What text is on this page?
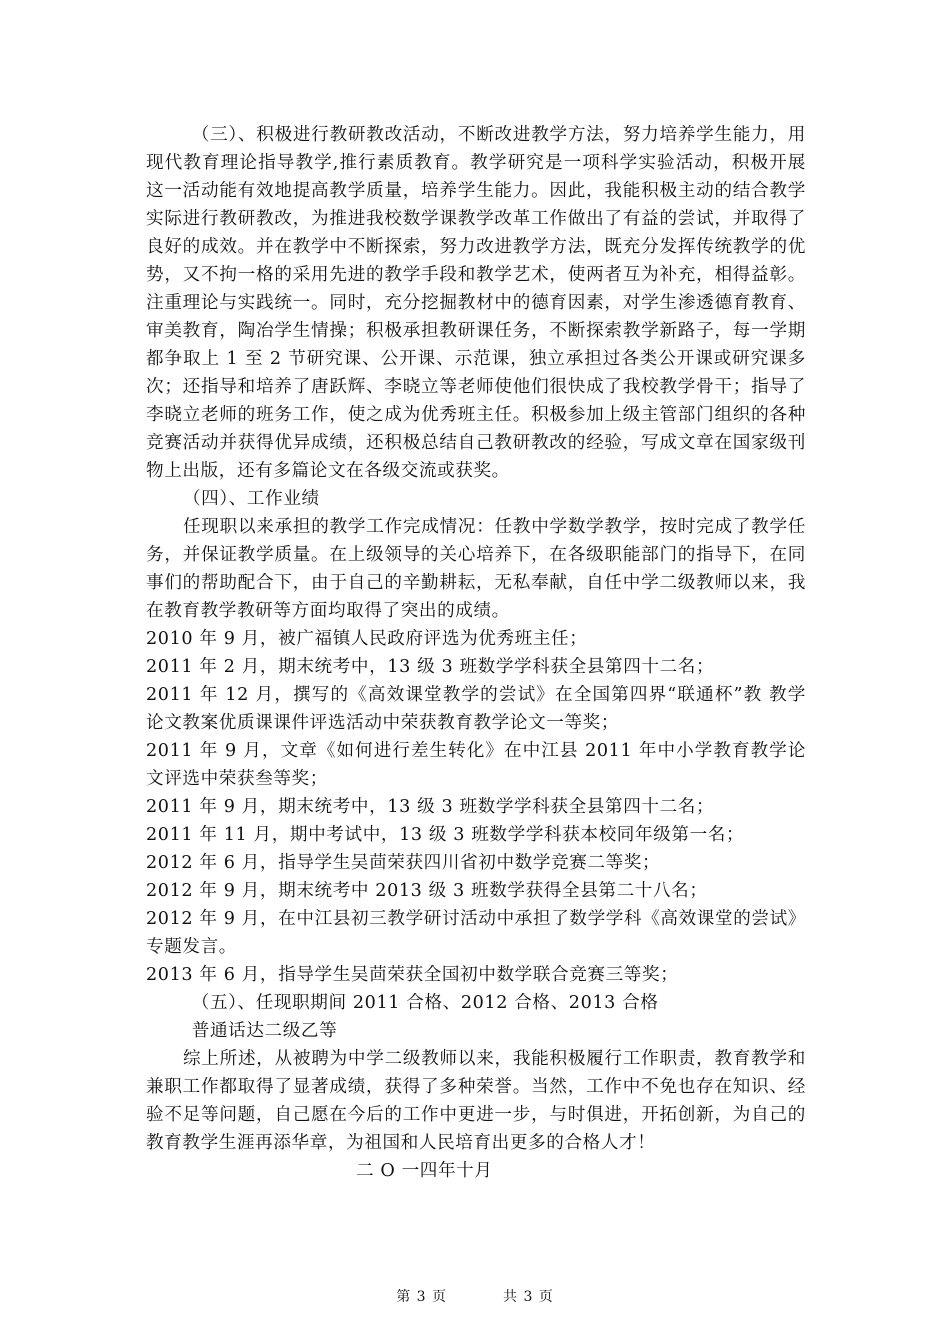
（三）、积极进行教研教改活动，不断改进教学方法，努力培养学生能力，用现代教育理论指导教学,推行素质教育。教学研究是一项科学实验活动，积极开展这一活动能有效地提高教学质量，培养学生能力。因此，我能积极主动的结合教学实际进行教研教改，为推进我校数学课教学改革工作做出了有益的尝试，并取得了良好的成效。并在教学中不断探索，努力改进教学方法，既充分发挥传统教学的优势，又不拘一格的采用先进的教学手段和教学艺术，使两者互为补充，相得益彰。注重理论与实践统一。同时，充分挖掘教材中的德育因素，对学生渗透德育教育、审美教育，陶冶学生情操；积极承担教研课任务，不断探索教学新路子，每一学期都争取上 1 至 2 节研究课、公开课、示范课，独立承担过各类公开课或研究课多次；还指导和培养了唐跃辉、李晓立等老师使他们很快成了我校教学骨干；指导了李晓立老师的班务工作，使之成为优秀班主任。积极参加上级主管部门组织的各种竞赛活动并获得优异成绩，还积极总结自己教研教改的经验，写成文章在国家级刊物上出版，还有多篇论文在各级交流或获奖。

（四）、工作业绩

任现职以来承担的教学工作完成情况：任教中学数学教学，按时完成了教学任务，并保证教学质量。在上级领导的关心培养下，在各级职能部门的指导下，在同事们的帮助配合下，由于自己的辛勤耕耘，无私奉献，自任中学二级教师以来，我在教育教学教研等方面均取得了突出的成绩。

2010 年 9 月，被广福镇人民政府评选为优秀班主任；

2011 年 2 月，期末统考中，13 级 3 班数学学科获全县第四十二名；

2011 年 12 月，撰写的《高效课堂教学的尝试》在全国第四界“联通杯”教 教学论文教案优质课课件评选活动中荣获教育教学论文一等奖；

2011 年 9 月，文章《如何进行差生转化》在中江县 2011 年中小学教育教学论文评选中荣获叁等奖；

2011 年 9 月，期末统考中，13 级 3 班数学学科获全县第四十二名；

2011 年 11 月，期中考试中，13 级 3 班数学学科获本校同年级第一名；

2012 年 6 月，指导学生吴茴荣获四川省初中数学竞赛二等奖；

2012 年 9 月，期末统考中 2013 级 3 班数学获得全县第二十八名；

2012 年 9 月，在中江县初三教学研讨活动中承担了数学学科《高效课堂的尝试》专题发言。

2013 年 6 月，指导学生吴茴荣获全国初中数学联合竞赛三等奖；

（五）、任现职期间 2011 合格、2012 合格、2013 合格

普通话达二级乙等

综上所述，从被聘为中学二级教师以来，我能积极履行工作职责，教育教学和兼职工作都取得了显著成绩，获得了多种荣誉。当然，工作中不免也存在知识、经验不足等问题，自己愿在今后的工作中更进一步，与时俱进，开拓创新，为自己的教育教学生涯再添华章，为祖国和人民培育出更多的合格人才！

二 O 一四年十月

第 3 页	共 3 页
